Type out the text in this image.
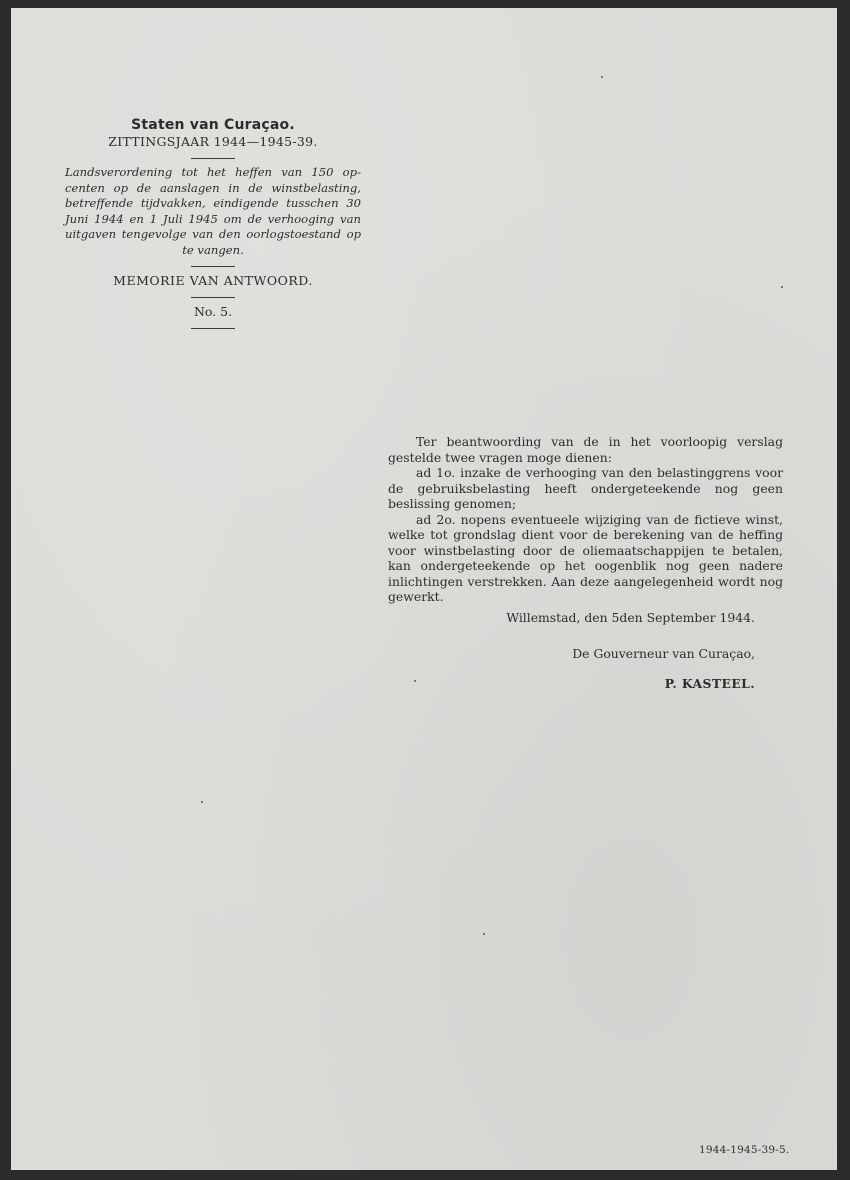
Staten van Curaçao.

ZITTINGSJAAR 1944—1945-39.

Landsverordening tot het heffen van 150 opcenten op de aanslagen in de winstbelasting, betreffende tijdvakken, eindigende tusschen 30 Juni 1944 en 1 Juli 1945 om de verhooging van uitgaven tengevolge van den oorlogstoestand op te vangen.

MEMORIE VAN ANTWOORD.

No. 5.

Ter beantwoording van de in het voorloopig verslag gestelde twee vragen moge dienen:

ad 1o. inzake de verhooging van den belastinggrens voor de gebruiksbelasting heeft ondergeteekende nog geen beslissing genomen;

ad 2o. nopens eventueele wijziging van de fictieve winst, welke tot grondslag dient voor de berekening van de heffing voor winstbelasting door de oliemaatschappijen te betalen, kan ondergeteekende op het oogenblik nog geen nadere inlichtingen verstrekken. Aan deze aangelegenheid wordt nog gewerkt.

Willemstad, den 5den September 1944.
De Gouverneur van Curaçao,
P. KASTEEL.
1944-1945-39-5.
